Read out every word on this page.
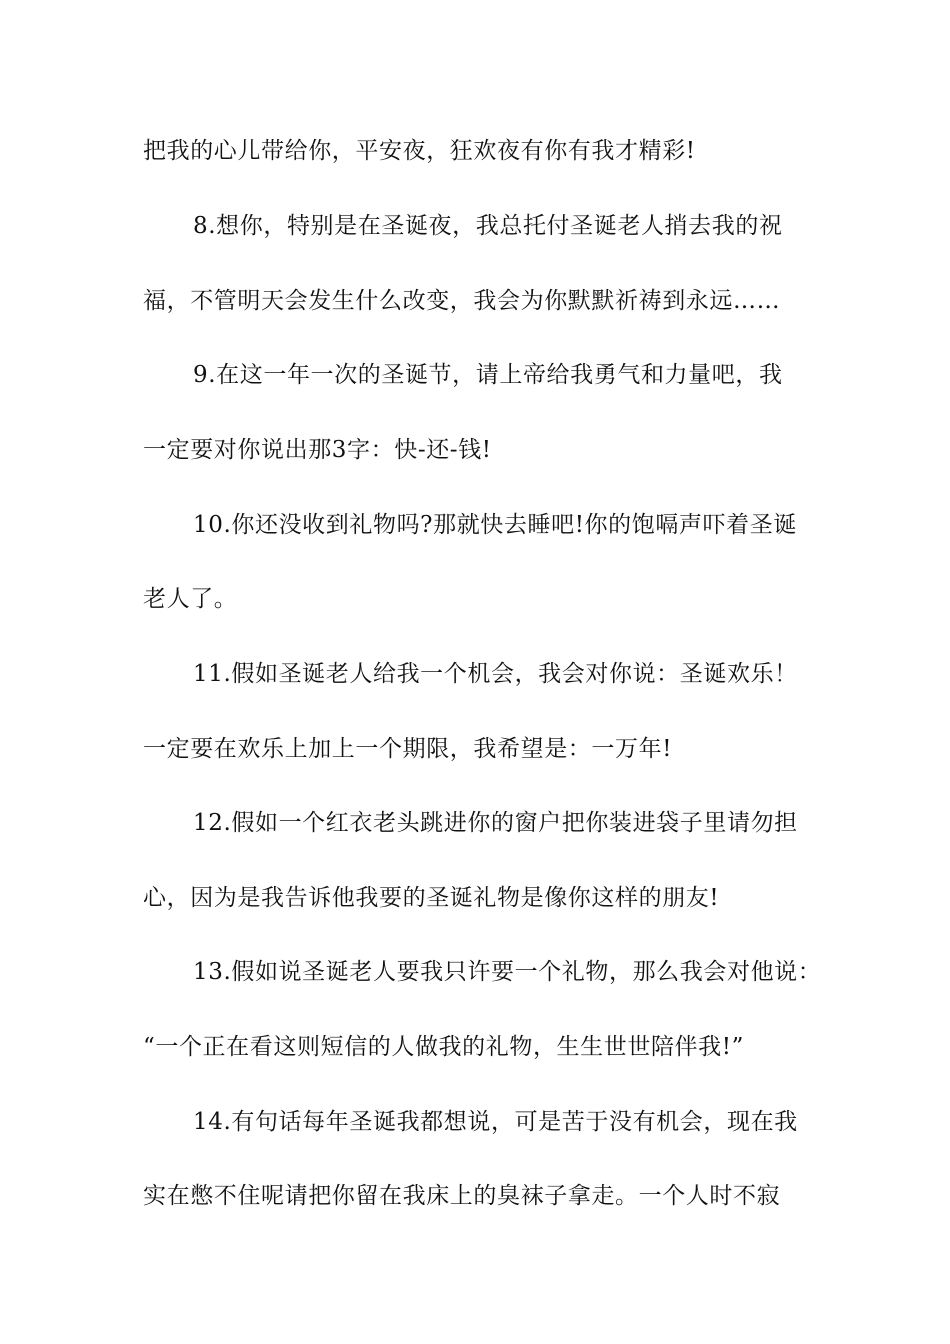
把我的心儿带给你，平安夜，狂欢夜有你有我才精彩!
8.想你，特别是在圣诞夜，我总托付圣诞老人捎去我的祝
福，不管明天会发生什么改变，我会为你默默祈祷到永远……
9.在这一年一次的圣诞节，请上帝给我勇气和力量吧，我
一定要对你说出那3字：快-还-钱!
10.你还没收到礼物吗?那就快去睡吧!你的饱嗝声吓着圣诞
老人了。
11.假如圣诞老人给我一个机会，我会对你说：圣诞欢乐！
一定要在欢乐上加上一个期限，我希望是：一万年!
12.假如一个红衣老头跳进你的窗户把你装进袋子里请勿担
心，因为是我告诉他我要的圣诞礼物是像你这样的朋友!
13.假如说圣诞老人要我只许要一个礼物，那么我会对他说：
“一个正在看这则短信的人做我的礼物，生生世世陪伴我!”
14.有句话每年圣诞我都想说，可是苦于没有机会，现在我
实在憋不住呢请把你留在我床上的臭袜子拿走。一个人时不寂
